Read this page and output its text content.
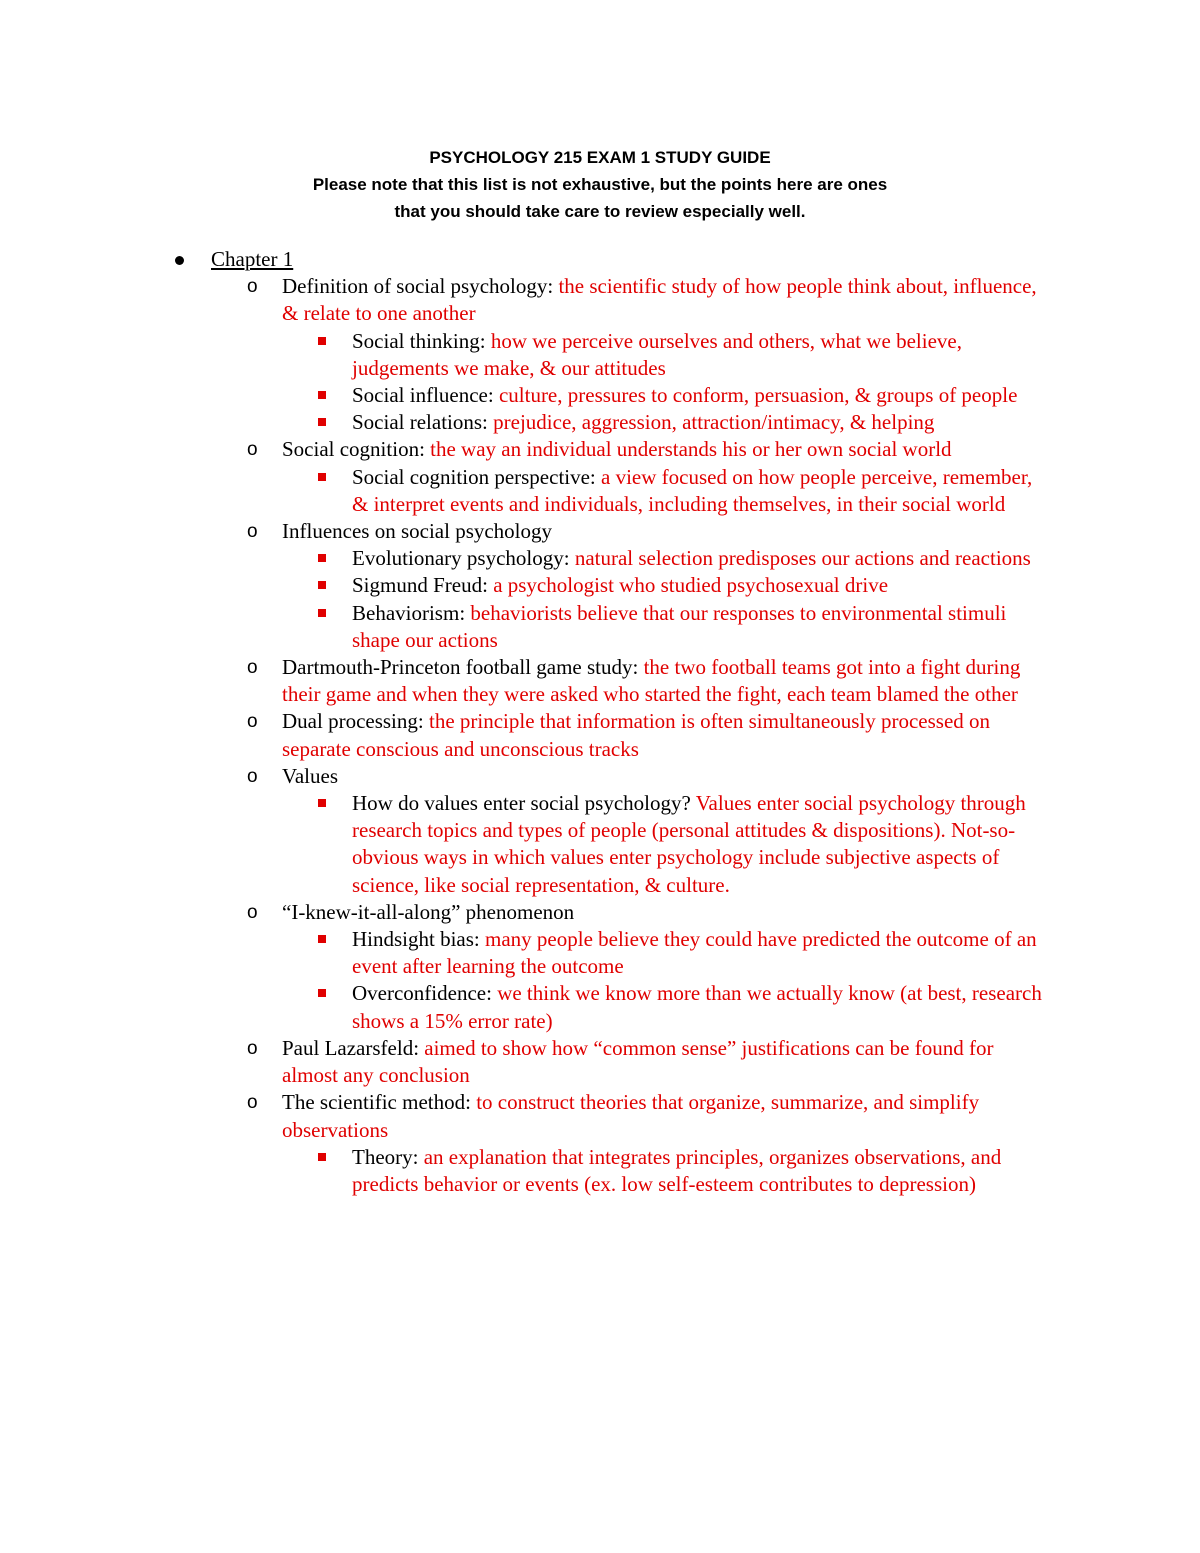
PSYCHOLOGY 215 EXAM 1 STUDY GUIDE
Please note that this list is not exhaustive, but the points here are ones
that you should take care to review especially well.
Chapter 1
o Definition of social psychology: the scientific study of how people think about, influence, & relate to one another
Social thinking: how we perceive ourselves and others, what we believe, judgements we make, & our attitudes
Social influence: culture, pressures to conform, persuasion, & groups of people
Social relations: prejudice, aggression, attraction/intimacy, & helping
o Social cognition: the way an individual understands his or her own social world
Social cognition perspective: a view focused on how people perceive, remember, & interpret events and individuals, including themselves, in their social world
o Influences on social psychology
Evolutionary psychology: natural selection predisposes our actions and reactions
Sigmund Freud: a psychologist who studied psychosexual drive
Behaviorism: behaviorists believe that our responses to environmental stimuli shape our actions
o Dartmouth-Princeton football game study: the two football teams got into a fight during their game and when they were asked who started the fight, each team blamed the other
o Dual processing: the principle that information is often simultaneously processed on separate conscious and unconscious tracks
o Values
How do values enter social psychology? Values enter social psychology through research topics and types of people (personal attitudes & dispositions). Not-so-obvious ways in which values enter psychology include subjective aspects of science, like social representation, & culture.
o “I-knew-it-all-along” phenomenon
Hindsight bias: many people believe they could have predicted the outcome of an event after learning the outcome
Overconfidence: we think we know more than we actually know (at best, research shows a 15% error rate)
o Paul Lazarsfeld: aimed to show how “common sense” justifications can be found for almost any conclusion
o The scientific method: to construct theories that organize, summarize, and simplify observations
Theory: an explanation that integrates principles, organizes observations, and predicts behavior or events (ex. low self-esteem contributes to depression)
